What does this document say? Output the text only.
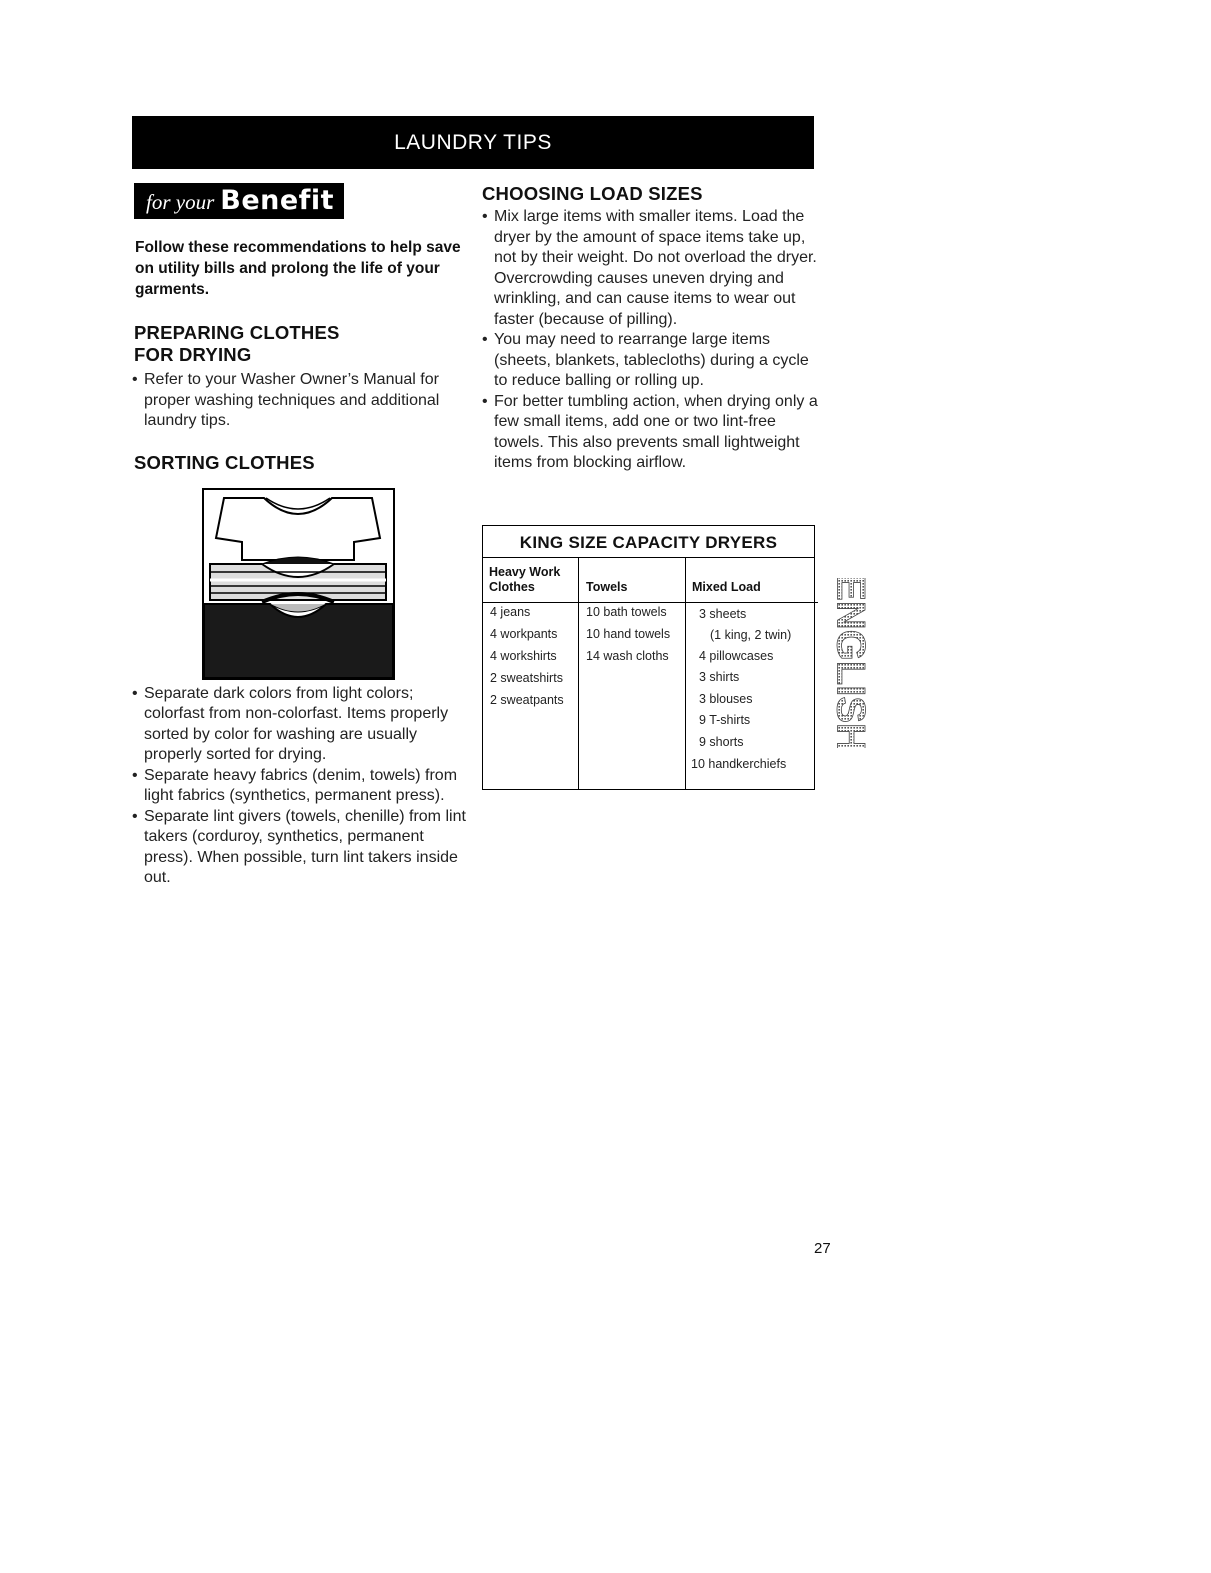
LAUNDRY TIPS
for your Benefit
Follow these recommendations to help save on utility bills and prolong the life of your garments.
PREPARING CLOTHES
FOR DRYING
• Refer to your Washer Owner’s Manual for proper washing techniques and additional laundry tips.
SORTING CLOTHES
• Separate dark colors from light colors; colorfast from non-colorfast. Items properly sorted by color for washing are usually properly sorted for drying.
• Separate heavy fabrics (denim, towels) from light fabrics (synthetics, permanent press).
• Separate lint givers (towels, chenille) from lint takers (corduroy, synthetics, permanent press). When possible, turn lint takers inside out.
CHOOSING LOAD SIZES
• Mix large items with smaller items. Load the dryer by the amount of space items take up, not by their weight. Do not overload the dryer. Overcrowding causes uneven drying and wrinkling, and can cause items to wear out faster (because of pilling).
• You may need to rearrange large items (sheets, blankets, tablecloths) during a cycle to reduce balling or rolling up.
• For better tumbling action, when drying only a few small items, add one or two lint-free towels. This also prevents small lightweight items from blocking airflow.
KING SIZE CAPACITY DRYERS
Heavy Work Clothes	Towels	Mixed Load
4 jeans
4 workpants
4 workshirts
2 sweatshirts
2 sweatpants
10 bath towels
10 hand towels
14 wash cloths
3 sheets
(1 king, 2 twin)
4 pillowcases
3 shirts
3 blouses
9 T-shirts
9 shorts
10 handkerchiefs
ENGLISH
27
